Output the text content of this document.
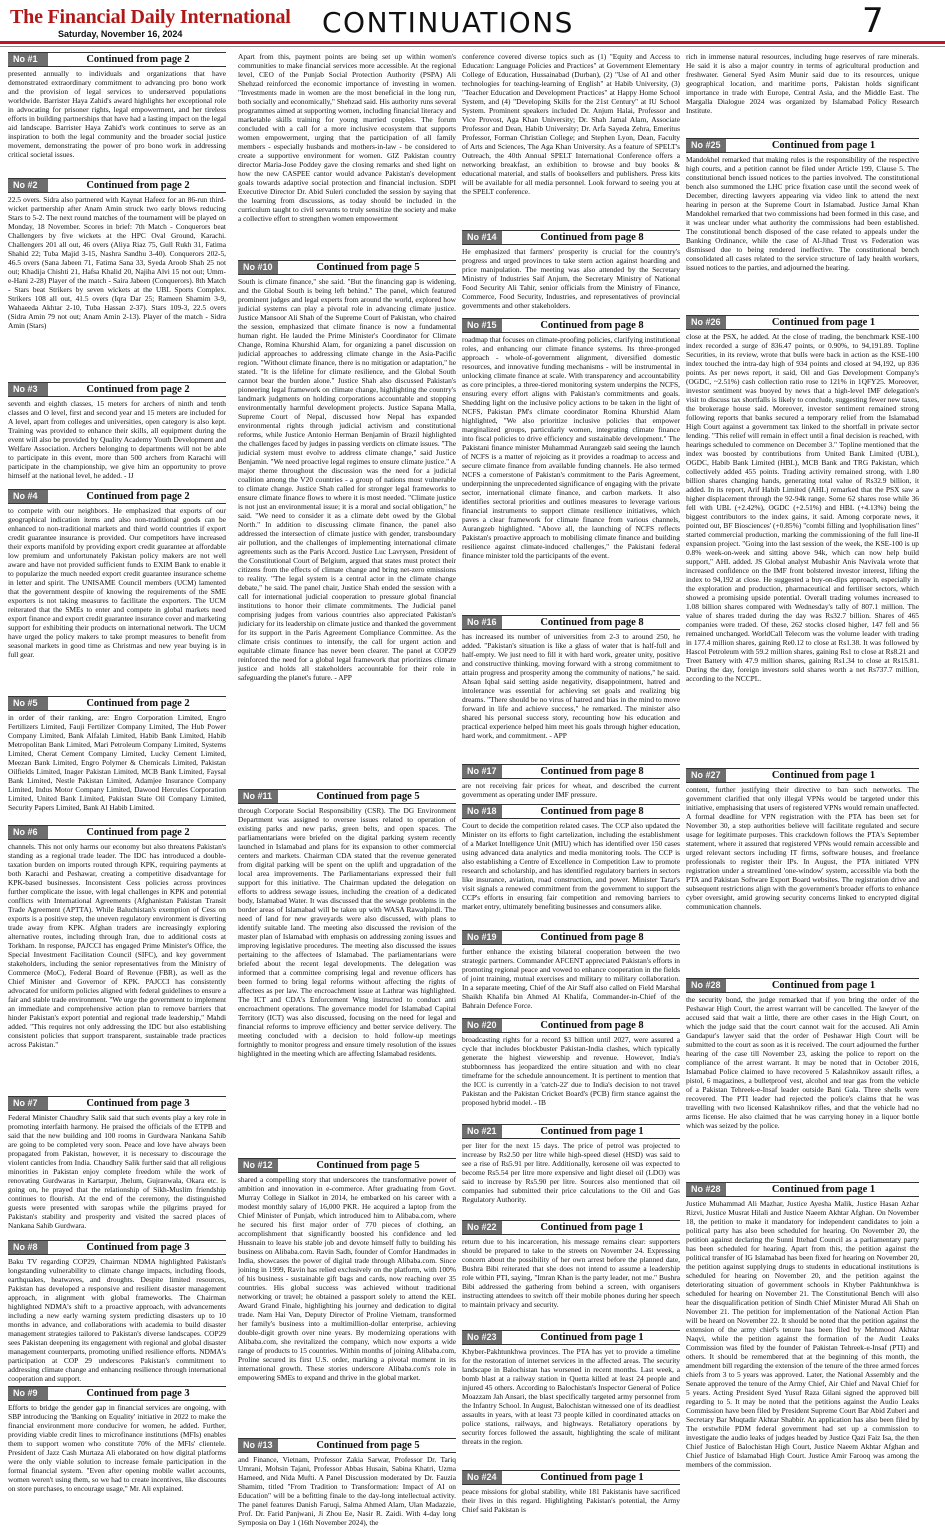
The Financial Daily International
Saturday, November 16, 2024	CONTINUATIONS	7
No #1	Continued from page 2
presented annually to individuals and organizations that have demonstrated extraordinary commitment to advancing pro bono work and the provision of legal services to underserved populations worldwide. Barrister Haya Zahid's award highlights her exceptional role in advocating for prisoner rights, legal empowerment, and her tireless efforts in building partnerships that have had a lasting impact on the legal aid landscape. Barrister Haya Zahid's work continues to serve as an inspiration to both the legal community and the broader social justice movement, demonstrating the power of pro bono work in addressing critical societal issues.
No #2	Continued from page 2
22.5 overs. Sidra also partnered with Kaynat Hafeez for an 86-run third-wicket partnership after Anam Amin struck two early blows reducing Stars to 5-2. The next round matches of the tournament will be played on Monday, 18 November. Scores in brief: 7th Match - Conquerors beat Challengers by five wickets at the HPC Oval Ground, Karachi. Challengers 201 all out, 46 overs (Aliya Riaz 75, Gull Rukh 31, Fatima Shahid 22; Tuba Majid 3-15, Nashra Sandhu 3-40). Conquerors 202-5, 46.5 overs (Sana Jabeen 71, Fatima Sana 33, Syeda Aroob Shah 25 not out; Khadija Chishti 21, Hafsa Khalid 20, Najiha Alvi 15 not out; Umm-e-Hani 2-28) Player of the match - Saira Jabeen (Conquerors). 8th Match - Stars beat Strikers by seven wickets at the UBL Sports Complex. Strikers 108 all out, 41.5 overs (Iqra Dar 25; Rameen Shamim 3-9, Wahaeeda Akhtar 2-10, Tuba Hassan 2-37). Stars 109-3, 22.5 overs (Sidra Amin 79 not out; Anam Amin 2-13). Player of the match - Sidra Amin (Stars)
No #3	Continued from page 2
seventh and eighth classes, 15 meters for archers of ninth and tenth classes and O level, first and second year and 15 meters are included for A level, apart from colleges and universities, open category is also kept. Training was provided to enhance their skills, all equipment during the event will also be provided by Quality Academy Youth Development and Welfare Association. Archers belonging to departments will not be able to participate in this event, more than 500 archers from Karachi will participate in the championship, we give him an opportunity to prove himself at the national level, he added. - IJ
No #4	Continued from page 2
to compete with our neighbors. He emphasized that exports of our geographical indication items and also non-traditional goods can be enhanced to non-traditional markets and third world countries if export credit guarantee insurance is provided. Our competitors have increased their exports manifold by providing export credit guarantee at affordable low premium and unfortunately Pakistan policy makers are not well aware and have not provided sufficient funds to EXIM Bank to enable it to popularize the much needed export credit guarantee insurance scheme in letter and spirit. The UNISAME Council members (UCM) lamented that the government despite of knowing the requirements of the SME exporters is not taking measures to facilitate the exporters. The UCM reiterated that the SMEs to enter and compete in global markets need export finance and export credit guarantee insurance cover and marketing support for exhibiting their products on international network. The UCM have urged the policy makers to take prompt measures to benefit from seasonal markets in good time as Christmas and new year buying is in full gear.
No #5	Continued from page 2
in order of their ranking, are: Engro Corporation Limited, Engro Fertilizers Limited, Fauji Fertilizer Company Limited, The Hub Power Company Limited, Bank Alfalah Limited, Habib Bank Limited, Habib Metropolitan Bank Limited, Mari Petroleum Company Limited, Systems Limited, Cherat Cement Company Limited, Lucky Cement Limited, Meezan Bank Limited, Engro Polymer & Chemicals Limited, Pakistan Oilfields Limited, Inager Pakistan Limited, MCB Bank Limited, Faysal Bank Limited, Nestle Pakistan Limited, Adamjee Insurance Company Limited, Indus Motor Company Limited, Dawood Hercules Corporation Limited, United Bank Limited, Pakistan State Oil Company Limited, Security Papers Limited, Bank Al Habib Limited.
No #6	Continued from page 2
channels. This not only harms our economy but also threatens Pakistan's standing as a regional trade leader. The IDC has introduced a double-taxation burden on imports routed through KPK, requiring payments at both Karachi and Peshawar, creating a competitive disadvantage for KPK-based businesses. Inconsistent Cess policies across provinces further complicate the issue, with legal challenges in KPK and potential conflicts with International Agreements (Afghanistan Pakistan Transit Trade Agreement (APTTA). While Baluchistan's exemption of Cess on exports is a positive step, the uneven regulatory environment is diverting trade away from KPK. Afghan traders are increasingly exploring alternative routes, including through Iran, due to additional costs at Torkham. In response, PAJCCI has engaged Prime Minister's Office, the Special Investment Facilitation Council (SIFC), and key government stakeholders, including the senior representatives from the Ministry of Commerce (MoC), Federal Board of Revenue (FBR), as well as the Chief Minister and Governor of KPK. PAJCCI has consistently advocated for uniform policies aligned with federal guidelines to ensure a fair and stable trade environment. "We urge the government to implement an immediate and comprehensive action plan to remove barriers that hinder Pakistan's export potential and regional trade leadership," Mahdi added. "This requires not only addressing the IDC but also establishing consistent policies that support transparent, sustainable trade practices across Pakistan."
No #7	Continued from page 3
Federal Minister Chaudhry Salik said that such events play a key role in promoting interfaith harmony. He praised the officials of the ETPB and said that the new building and 100 rooms in Gurdwara Nankana Sahib are going to be completed very soon. Peace and love have always been propagated from Pakistan, however, it is necessary to discourage the violent canticles from India. Chaudhry Salik further said that all religious minorities in Pakistan enjoy complete freedom while the work of renovating Gurdwaras in Kartarpur, Jhelum, Gujranwala, Okara etc. is going on, he prayed that the relationship of Sikh-Muslim friendship continues to flourish. At the end of the ceremony, the distinguished guests were presented with saropas while the pilgrims prayed for Pakistan's stability and prosperity and visited the sacred places of Nankana Sahib Gurdwara.
No #8	Continued from page 3
Baku TV regarding COP29, Chairman NDMA highlighted Pakistan's longstanding vulnerability to climate change impacts, including floods, earthquakes, heatwaves, and droughts. Despite limited resources, Pakistan has developed a responsive and resilient disaster management approach, in alignment with global frameworks. The Chairman highlighted NDMA's shift to a proactive approach, with advancements including a new early warning system predicting disasters up to 10 months in advance, and collaborations with academia to build disaster management strategies tailored to Pakistan's diverse landscapes. COP29 sees Pakistan deepening its engagement with regional and global disaster management counterparts, promoting unified resilience efforts. NDMA's participation at COP 29 underscores Pakistan's commitment to addressing climate change and enhancing resilience through international cooperation and support.
No #9	Continued from page 3
Efforts to bridge the gender gap in financial services are ongoing, with SBP introducing the 'Banking on Equality' initiative in 2022 to make the financial environment more conducive for women, he added. Further, providing viable credit lines to microfinance institutions (MFIs) enables them to support women who constitute 70% of the MFIs' clientele. President of Jazz Cash Murtaza Ali elaborated on how digital platforms were the only viable solution to increase female participation in the formal financial system. "Even after opening mobile wallet accounts, women weren't using them, so we had to create incentives, like discounts on store purchases, to encourage usage," Mr. Ali explained.
Apart from this, payment points are being set up within women's communities to make financial services more accessible. At the regional level, CEO of the Punjab Social Protection Authority (PSPA) Ali Shehzad reinforced the economic importance of investing in women. "Investments made in women are the most beneficial in the long run, both socially and economically," Shehzad said. His authority runs several programmes aimed at supporting women, including financial literacy and marketable skills training for young married couples. The forum concluded with a call for a more inclusive ecosystem that supports women empowerment, urging that the participation of all family members - especially husbands and mothers-in-law - be considered to create a supportive environment for women. GIZ Pakistan country director Maria-Jose Poddey gave the closing remarks and shed light on how the new CASPEE cantor would advance Pakistan's development goals towards adaptive social protection and financial inclusion. SDPI Executive Director Dr. Abid Suleri concluded the session by saying that the learning from discussions, as today should be included in the curriculum taught to civil servants to truly sensitize the society and make a collective effort to strengthen women empowerment
No #10	Continued from page 5
South is climate finance," she said. "But the financing gap is widening, and the Global South is being left behind." The panel, which featured prominent judges and legal experts from around the world, explored how judicial systems can play a pivotal role in advancing climate justice. Justice Mansoor Ali Shah of the Supreme Court of Pakistan, who chaired the session, emphasized that climate finance is now a fundamental human right. He lauded the Prime Minister's Coordinator for Climate Change, Romina Khurshid Alam, for organizing a panel discussion on judicial approaches to addressing climate change in the Asia-Pacific region. "Without climate finance, there is no mitigation or adaptation," he stated. "It is the lifeline for climate resilience, and the Global South cannot bear the burden alone." Justice Shah also discussed Pakistan's pioneering legal framework on climate change, highlighting the country's landmark judgments on holding corporations accountable and stopping environmentally harmful development projects. Justice Sapana Malla, Supreme Court of Nepal, discussed how Nepal has expanded environmental rights through judicial activism and constitutional reforms, while Justice Antonio Herman Benjamin of Brazil highlighted the challenges faced by judges in passing verdicts on climate issues. "The judicial system must evolve to address climate change," said Justice Benjamin. "We need proactive legal regimes to ensure climate justice." A major theme throughout the discussion was the need for a judicial coalition among the V20 countries - a group of nations most vulnerable to climate change. Justice Shah called for stronger legal frameworks to ensure climate finance flows to where it is most needed. "Climate justice is not just an environmental issue; it is a moral and social obligation," he said. "We need to consider it as a climate debt owed by the Global North." In addition to discussing climate finance, the panel also addressed the intersection of climate justice with gender, transboundary air pollution, and the challenges of implementing international climate agreements such as the Paris Accord. Justice Luc Lavrysen, President of the Constitutional Court of Belgium, argued that states must protect their citizens from the effects of climate change and bring net-zero emissions to reality. "The legal system is a central actor in the climate change debate," he said. The panel chair, Justice Shah ended the session with a call for international judicial cooperation to pressure global financial institutions to honor their climate commitments. The Judicial panel comprising judges from various countries also appreciated Pakistan's judiciary for its leadership on climate justice and thanked the government for its support in the Paris Agreement Compliance Committee. As the climate crisis continues to intensify, the call for urgent action and equitable climate finance has never been clearer. The panel at COP29 reinforced the need for a global legal framework that prioritizes climate justice and holds all stakeholders accountable for their role in safeguarding the planet's future. - APP
No #11	Continued from page 5
through Corporate Social Responsibility (CSR). The DG Environment Department was assigned to oversee issues related to operation of existing parks and new parks, green belts, and open spaces. The parliamentarians were briefed on the digital parking system recently launched in Islamabad and plans for its expansion to other commercial centers and markets. Chairman CDA stated that the revenue generated from digital parking will be spent on the uplift and upgradation of the local area improvements. The Parliamentarians expressed their full support for this initiative. The Chairman updated the delegation on efforts to address sewage issues, including the creation of a dedicated body, Islamabad Water. It was discussed that the sewage problems in the border areas of Islamabad will be taken up with WASA Rawalpindi. The need of land for new graveyards were also discussed, with plans to identify suitable land. The meeting also discussed the revision of the master plan of Islamabad with emphasis on addressing zoning issues and improving legislative procedures. The meeting also discussed the issues pertaining to the affectees of Islamabad. The parliamentarians were briefed about the recent legal developments. The delegation was informed that a committee comprising legal and revenue officers has been formed to bring legal reforms without affecting the rights of affectees as per law. The encroachment issue at Lathrar was highlighted. The ICT and CDA's Enforcement Wing instructed to conduct anti encroachment operations. The governance model for Islamabad Capital Territory (ICT) was also discussed, focusing on the need for legal and financial reforms to improve efficiency and better service delivery. The meeting concluded with a decision to hold follow-up meetings fortnightly to monitor progress and ensure timely resolution of the issues highlighted in the meeting which are affecting Islamabad residents.
No #12	Continued from page 5
shared a compelling story that underscores the transformative power of ambition and innovation in e-commerce. After graduating from Govt. Murray College in Sialkot in 2014, he embarked on his career with a modest monthly salary of 16,000 PKR. He acquired a laptop from the Chief Minister of Punjab, which introduced him to Alibaba.com, where he secured his first major order of 770 pieces of clothing, an accomplishment that significantly boosted his confidence and led Hussnain to leave his stable job and devote himself fully to building his business on Alibaba.com. Ravin Sadh, founder of Comfor Handmades in India, showcases the power of digital trade through Alibaba.com. Since joining in 1999, Ravin has relied exclusively on the platform, with 100% of his business - sustainable gift bags and cards, now reaching over 35 countries. His global success was achieved without traditional networking or travel; he obtained a passport solely to attend the KEL Award Grand Finale, highlighting his journey and dedication to digital trade. Nam Hai Van, Deputy Director of Proline Vietnam, transformed her family's business into a multimillion-dollar enterprise, achieving double-digit growth over nine years. By modernizing operations with Alibaba.com, she revitalized the company, which now exports a wide range of products to 15 countries. Within months of joining Alibaba.com, Proline secured its first U.S. order, marking a pivotal moment in its international growth. These stories underscore Alibaba.com's role in empowering SMEs to expand and thrive in the global market.
No #13	Continued from page 5
and Finance, Vietnam, Professor Zakia Sarwar, Professor Dr. Tariq Umrani, Mohsin Tajani, Professor Abbas Husain, Sabina Khatri, Uzma Hameed, and Nida Mufti. A Panel Discussion moderated by Dr. Fauzia Shamim, titled "From Tradition to Transformation: Impact of AI on Education" will be a befitting finale to the day-long intellectual activity. The panel features Danish Faruqi, Salma Ahmed Alam, Ulan Madazzie, Prof. Dr. Farid Panjwani, Ji Zhou Ee, Nasir R. Zaidi. With 4-day long Symposia on Day 1 (16th November 2024), the
conference covered diverse topics such as (1) "Equity and Access to Education: Language Policies and Practices" at Government Elementary College of Education, Hussainabad (Durban), (2) "Use of AI and other technologies for teaching-learning of English" at Habib University, (3) "Teacher Education and Development Practices" at Happy Home School System, and (4) "Developing Skills for the 21st Century" at IU School System. Prominent speakers included Dr. Anjum Halai, Professor and Vice Provost, Aga Khan University; Dr. Shah Jamal Alam, Associate Professor and Dean, Habib University; Dr. Arfa Sayeda Zehra, Emeritus Professor, Forman Christian College; and Stephen Lyon, Dean, Faculty of Arts and Sciences, The Aga Khan University. As a feature of SPELT's Outreach, the 40th Annual SPELT International Conference offers a networking breakfast, an exhibition to browse and buy books & educational material, and stalls of booksellers and publishers. Press kits will be available for all media personnel. Look forward to seeing you at the SPELT conference.
No #14	Continued from page 8
He emphasized that farmers' prosperity is crucial for the country's progress and urged provinces to take stern action against hoarding and price manipulation. The meeting was also attended by the Secretary Ministry of Industries Saif Anjum, the Secretary Ministry of National Food Security Ali Tahir, senior officials from the Ministry of Finance, Commerce, Food Security, Industries, and representatives of provincial governments and other stakeholders.
No #15	Continued from page 8
roadmap that focuses on climate-proofing policies, clarifying institutional roles, and enhancing our climate finance systems. Its three-pronged approach - whole-of-government alignment, diversified domestic resources, and innovative funding mechanisms - will be instrumental in unlocking climate finance at scale. With transparency and accountability as core principles, a three-tiered monitoring system underpins the NCFS, ensuring every effort aligns with Pakistan's commitments and goals. Shedding light on the inclusive policy actions to be taken in the light of NCFS, Pakistan PM's climate coordinator Romina Khurshid Alam highlighted, "We also prioritize inclusive policies that empower marginalized groups, particularly women, integrating climate finance into fiscal policies to drive efficiency and sustainable development." The Pakistani finance minister Muhammad Aurangzeb said seeing the launch of NCFS is a matter of rejoicing as it provides a roadmap to access and secure climate finance from available funding channels. He also termed NCFS a cornerstone of Pakistan's commitment to the Paris Agreement, underpinning the unprecedented significance of engaging with the private sector, international climate finance, and carbon markets. It also identifies sectoral priorities and outlines measures to leverage various financial instruments to support climate resilience initiatives, which paves a clear framework for climate finance from various channels, Aurangzeb highlighted. "Above all, the launching of NCFS reflects Pakistan's proactive approach to mobilising climate finance and building resilience against climate-induced challenges," the Pakistani federal finance minister told the participants of the event.
No #16	Continued from page 8
has increased its number of universities from 2-3 to around 250, he added. "Pakistan's situation is like a glass of water that is half-full and half-empty. We just need to fill it with hard work, greater unity, positive and constructive thinking, moving forward with a strong commitment to attain progress and prosperity among the community of nations," he said. Ahsan Iqbal said setting aside negativity, disappointment, hatred and intolerance was essential for achieving set goals and realizing big dreams. "There should be no virus of hatred and bias in the mind to move forward in life and achieve success," he remarked. The minister also shared his personal success story, recounting how his education and practical experience helped him meet his goals through higher education, hard work, and commitment. - APP
No #17	Continued from page 8
are not receiving fair prices for wheat, and described the current government as operating under IMF pressure.
No #18	Continued from page 8
Court to decide the competition related cases. The CCP also updated the Minister on its efforts to fight cartelization, including the establishment of a Market Intelligence Unit (MIU) which has identified over 150 cases using advanced data analytics and media monitoring tools. The CCP is also establishing a Centre of Excellence in Competition Law to promote research and scholarship, and has identified regulatory barriers in sectors like insurance, aviation, road construction, and power. Minister Tarar's visit signals a renewed commitment from the government to support the CCP's efforts in ensuring fair competition and removing barriers to market entry, ultimately benefiting businesses and consumers alike.
No #19	Continued from page 8
further enhance the existing bilateral cooperation between the two strategic partners. Commander AFCENT appreciated Pakistan's efforts in promoting regional peace and vowed to enhance cooperation in the fields of joint training, mutual exercises and military to military collaboration. In a separate meeting, Chief of the Air Staff also called on Field Marshal Shaikh Khalifa bin Ahmed Al Khalifa, Commander-in-Chief of the Bahrain Defence Force.
No #20	Continued from page 8
broadcasting rights for a record $3 billion until 2027, were assured a cycle that includes blockbuster Pakistan-India clashes, which typically generate the highest viewership and revenue. However, India's stubbornness has jeopardized the entire situation and with no clear timeframe for the schedule announcement. It is pertinent to mention that the ICC is currently in a 'catch-22' due to India's decision to not travel Pakistan and the Pakistan Cricket Board's (PCB) firm stance against the proposed hybrid model. - IB
No #21	Continued from page 1
per liter for the next 15 days. The price of petrol was projected to increase by Rs2.50 per litre while high-speed diesel (HSD) was said to see a rise of Rs5.91 per litre. Additionally, kerosene oil was expected to become Rs5.54 per litre more expensive and light diesel oil (LDO) was said to increase by Rs5.90 per litre. Sources also mentioned that oil companies had submitted their price calculations to the Oil and Gas Regulatory Authority.
No #22	Continued from page 1
return due to his incarceration, his message remains clear: supporters should be prepared to take to the streets on November 24. Expressing concern about the possibility of her own arrest before the planned date, Bushra Bibi reiterated that she does not intend to assume a leadership role within PTI, saying, "Imran Khan is the party leader, not me." Bushra Bibi addressed the gathering from behind a screen, with organisers instructing attendees to switch off their mobile phones during her speech to maintain privacy and security.
No #23	Continued from page 1
Khyber-Pakhtunkhwa provinces. The PTA has yet to provide a timeline for the restoration of internet services in the affected areas. The security landscape in Balochistan has worsened in recent months. Last week, a bomb blast at a railway station in Quetta killed at least 24 people and injured 45 others. According to Balochistan's Inspector General of Police Moazzam Jah Ansari, the blast specifically targeted army personnel from the Infantry School. In August, Balochistan witnessed one of its deadliest assaults in years, with at least 73 people killed in coordinated attacks on police stations, railways, and highways. Retaliatory operations by security forces followed the assault, highlighting the scale of militant threats in the region.
No #24	Continued from page 1
peace missions for global stability, while 181 Pakistanis have sacrificed their lives in this regard. Highlighting Pakistan's potential, the Army Chief said Pakistan is
rich in immense natural resources, including huge reserves of rare minerals. He said it is also a major country in terms of agricultural production and freshwater. General Syed Asim Munir said due to its resources, unique geographical location, and maritime ports, Pakistan holds significant importance in trade with Europe, Central Asia, and the Middle East. The Margalla Dialogue 2024 was organized by Islamabad Policy Research Institute.
No #25	Continued from page 1
Mandokhel remarked that making rules is the responsibility of the respective high courts, and a petition cannot be filed under Article 199, Clause 5. The constitutional bench issued notices to the parties involved. The constitutional bench also summoned the LHC price fixation case until the second week of December, directing lawyers appearing via video link to attend the next hearing in person at the Supreme Court in Islamabad. Justice Jamal Khan Mandokhel remarked that two commissions had been formed in this case, and it was unclear under what authority the commissions had been established. The constitutional bench disposed of the case related to appeals under the Banking Ordinance, while the case of Al-Jihad Trust vs Federation was dismissed due to being rendered ineffective. The constitutional bench consolidated all cases related to the service structure of lady health workers, issued notices to the parties, and adjourned the hearing.
No #26	Continued from page 1
close at the PSX, he added. At the close of trading, the benchmark KSE-100 index recorded a surge of 836.47 points, or 0.90%, to 94,191.89. Topline Securities, in its review, wrote that bulls were back in action as the KSE-100 index touched the intra-day high of 934 points and closed at 94,192, up 836 points. As per news report, it said, Oil and Gas Development Company's (OGDC, ~2.51%) cash collection ratio rose to 121% in 1QFY25. Moreover, investor sentiment was buoyed by news that a high-level IMF delegation's visit to discuss tax shortfalls is likely to conclude, suggesting fewer new taxes, the brokerage house said. Moreover, investor sentiment remained strong following reports that banks secured a temporary relief from the Islamabad High Court against a government tax linked to the shortfall in private sector lending. "This relief will remain in effect until a final decision is reached, with hearings scheduled to commence on December 3." Topline mentioned that the index was boosted by contributions from United Bank Limited (UBL), OGDC, Habib Bank Limited (HBL), MCB Bank and TRG Pakistan, which collectively added 455 points. Trading activity remained strong, with 1.80 billion shares changing hands, generating total value of Rs32.9 billion, it added. In its report, Arif Habib Limited (AHL) remarked that the PSX saw a higher displacement through the 92-94k range. Some 62 shares rose while 36 fell with UBL (+2.42%), OGDC (+2.51%) and HBL (+4.13%) being the biggest contributors to the index gains, it said. Among corporate news, it pointed out, BF Biosciences' (+0.85%) "combi filling and lyophilisation lines" started commercial production, marking the commissioning of the full line-II expansion project. "Going into the last session of the week, the KSE-100 is up 0.8% week-on-week and sitting above 94k, which can now help build support," AHL added. JS Global analyst Mubashir Anis Navivala wrote that increased confidence on the IMF front bolstered investor interest, lifting the index to 94,192 at close. He suggested a buy-on-dips approach, especially in the exploration and production, pharmaceutical and fertiliser sectors, which showed a promising upside potential. Overall trading volumes increased to 1.08 billion shares compared with Wednesday's tally of 807.1 million. The value of shares traded during the day was Rs32.7 billion. Shares of 465 companies were traded. Of these, 262 stocks closed higher, 147 fell and 56 remained unchanged. WorldCall Telecom was the volume leader with trading in 177.4 million shares, gaining Re0.12 to close at Rs1.38. It was followed by Hascol Petroleum with 59.2 million shares, gaining Rs1 to close at Rs8.21 and Treet Battery with 47.9 million shares, gaining Rs1.34 to close at Rs15.81. During the day, foreign investors sold shares worth a net Rs737.7 million, according to the NCCPL.
No #27	Continued from page 1
content, further justifying their directive to ban such networks. The government clarified that only illegal VPNs would be targeted under this initiative, emphasising that users of registered VPNs would remain unaffected. A formal deadline for VPN registration with the PTA has been set for November 30, a step authorities believe will facilitate regulated and secure usage for legitimate purposes. This crackdown follows the PTA's September statement, where it assured that registered VPNs would remain accessible and urged relevant sectors including IT firms, software houses, and freelance professionals to register their IPs. In August, the PTA initiated VPN registration under a streamlined 'one-window' system, accessible via both the PTA and Pakistan Software Export Board websites. The registration drive and subsequent restrictions align with the government's broader efforts to enhance cyber oversight, amid growing security concerns linked to encrypted digital communication channels.
No #28	Continued from page 1
the security bond, the judge remarked that if you bring the order of the Peshawar High Court, the arrest warrant will be cancelled. The lawyer of the accused said that wait a little, there are other cases in the High Court, on which the judge said that the court cannot wait for the accused. Ali Amin Gandapur's lawyer said that the order of Peshawar High Court will be submitted to the court as soon as it is received. The court adjourned the further hearing of the case till November 23, asking the police to report on the compliance of the arrest warrant. It may be noted that in October 2016, Islamabad Police claimed to have recovered 5 Kalashnikov assault rifles, a pistol, 6 magazines, a bulletproof vest, alcohol and tear gas from the vehicle of a Pakistan Tehreek-e-Insaf leader outside Bani Gala. Three shells were recovered. The PTI leader had rejected the police's claims that he was travelling with two licensed Kalashnikov rifles, and that the vehicle had no arms license. He also claimed that he was carrying honey in a liquor bottle which was seized by the police.
No #28	Continued from page 1
Justice Muhammad Ali Mazhar, Justice Ayesha Malik, Justice Hasan Azhar Rizvi, Justice Musrat Hilali and Justice Naeem Akhtar Afghan. On November 18, the petition to make it mandatory for independent candidates to join a political party has also been scheduled for hearing. On November 20, the petition against declaring the Sunni Ittehad Council as a parliamentary party has been scheduled for hearing. Apart from this, the petition against the political transfer of IG Islamabad has been fixed for hearing on November 20, the petition against supplying drugs to students in educational institutions is scheduled for hearing on November 20, and the petition against the deteriorating situation of government schools in Khyber Pakhtunkhwa is scheduled for hearing on November 21. The Constitutional Bench will also hear the disqualification petition of Sindh Chief Minister Murad Ali Shah on November 21. The petition for implementation of the National Action Plan will be heard on November 22. It should be noted that the petition against the extension of the army chief's tenure has been filed by Mehmood Akhtar Naqvi, while the petition against the formation of the Audit Leaks Commission was filed by the founder of Pakistan Tehreek-e-Insaf (PTI) and others. It should be remembered that at the beginning of this month, the amendment bill regarding the extension of the tenure of the three armed forces chiefs from 3 to 5 years was approved. Later, the National Assembly and the Senate approved the tenure of the Army Chief, Air Chief and Naval Chief for 5 years. Acting President Syed Yusuf Raza Gilani signed the approved bill regarding to 5. It may be noted that the petitions against the Audio Leaks Commission have been filed by President Supreme Court Bar Abid Zuberi and Secretary Bar Muqtadir Akhtar Shabbir. An application has also been filed by The erstwhile PDM federal government had set up a commission to investigate the audio leaks of judges headed by Justice Qazi Faiz Isa, the then Chief Justice of Balochistan High Court, Justice Naeem Akhtar Afghan and Chief Justice of Islamabad High Court. Justice Amir Farooq was among the members of the commission.
